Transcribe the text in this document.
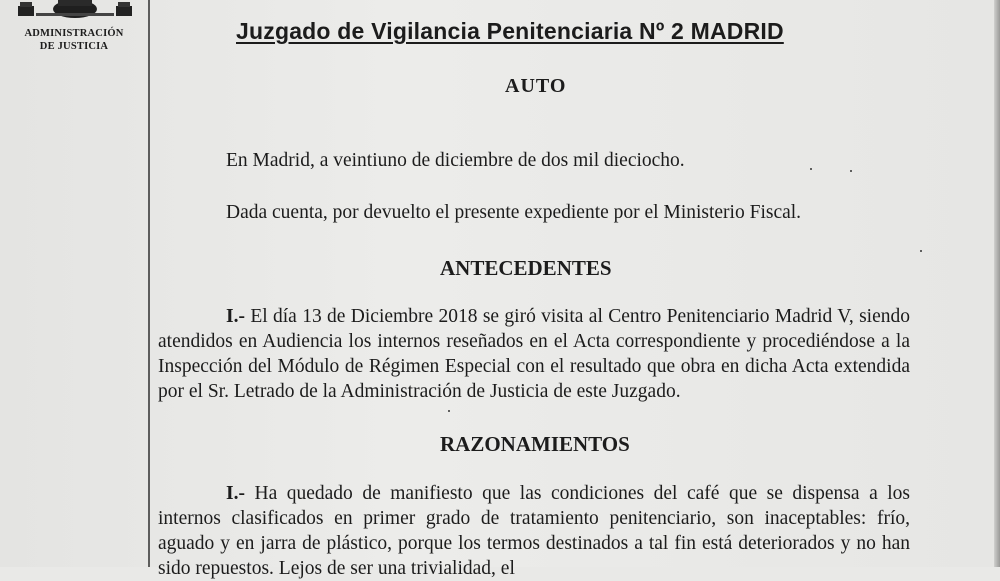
ADMINISTRACIÓN
DE JUSTICIA
Juzgado de Vigilancia Penitenciaria Nº 2 MADRID
AUTO
En Madrid, a veintiuno de diciembre de dos mil dieciocho.
Dada cuenta, por devuelto el presente expediente por el Ministerio Fiscal.
ANTECEDENTES
I.- El día 13 de Diciembre 2018 se giró visita al Centro Penitenciario Madrid V, siendo atendidos en Audiencia los internos reseñados en el Acta correspondiente y procediéndose a la Inspección del Módulo de Régimen Especial con el resultado que obra en dicha Acta extendida por el Sr. Letrado de la Administración de Justicia de este Juzgado.
RAZONAMIENTOS
I.- Ha quedado de manifiesto que las condiciones del café que se dispensa a los internos clasificados en primer grado de tratamiento penitenciario, son inaceptables: frío, aguado y en jarra de plástico, porque los termos destinados a tal fin está deteriorados y no han sido repuestos. Lejos de ser una trivialidad, el
